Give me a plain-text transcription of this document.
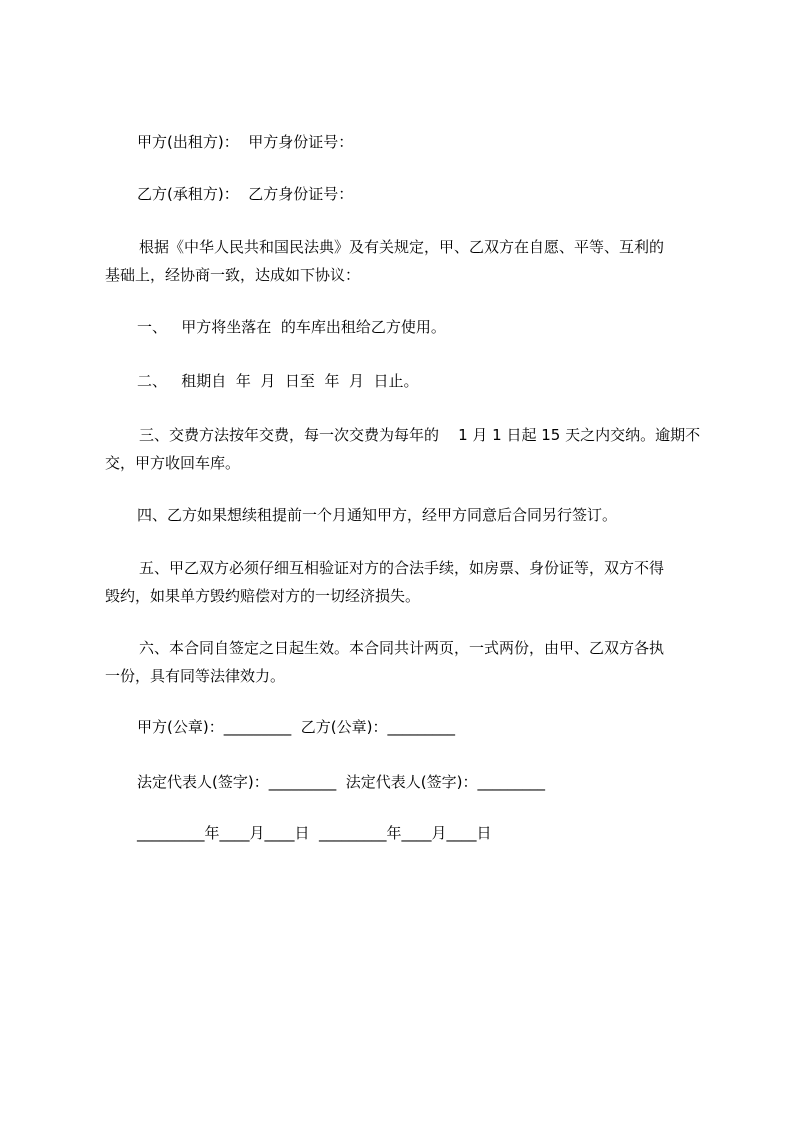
甲方(出租方)：  甲方身份证号：
乙方(承租方)：  乙方身份证号：
根据《中华人民共和国民法典》及有关规定，甲、乙双方在自愿、平等、互利的
基础上，经协商一致，达成如下协议：
一、   甲方将坐落在  的车库出租给乙方使用。
二、   租期自  年  月  日至  年  月  日止。
三、交费方法按年交费，每一次交费为每年的    1 月 1 日起 15 天之内交纳。逾期不
交，甲方收回车库。
四、乙方如果想续租提前一个月通知甲方，经甲方同意后合同另行签订。
五、甲乙双方必须仔细互相验证对方的合法手续，如房票、身份证等，双方不得
毁约，如果单方毁约赔偿对方的一切经济损失。
六、本合同自签定之日起生效。本合同共计两页，一式两份，由甲、乙双方各执
一份，具有同等法律效力。
甲方(公章)：_________  乙方(公章)：_________
法定代表人(签字)：_________  法定代表人(签字)：_________
_________年____月____日  _________年____月____日
